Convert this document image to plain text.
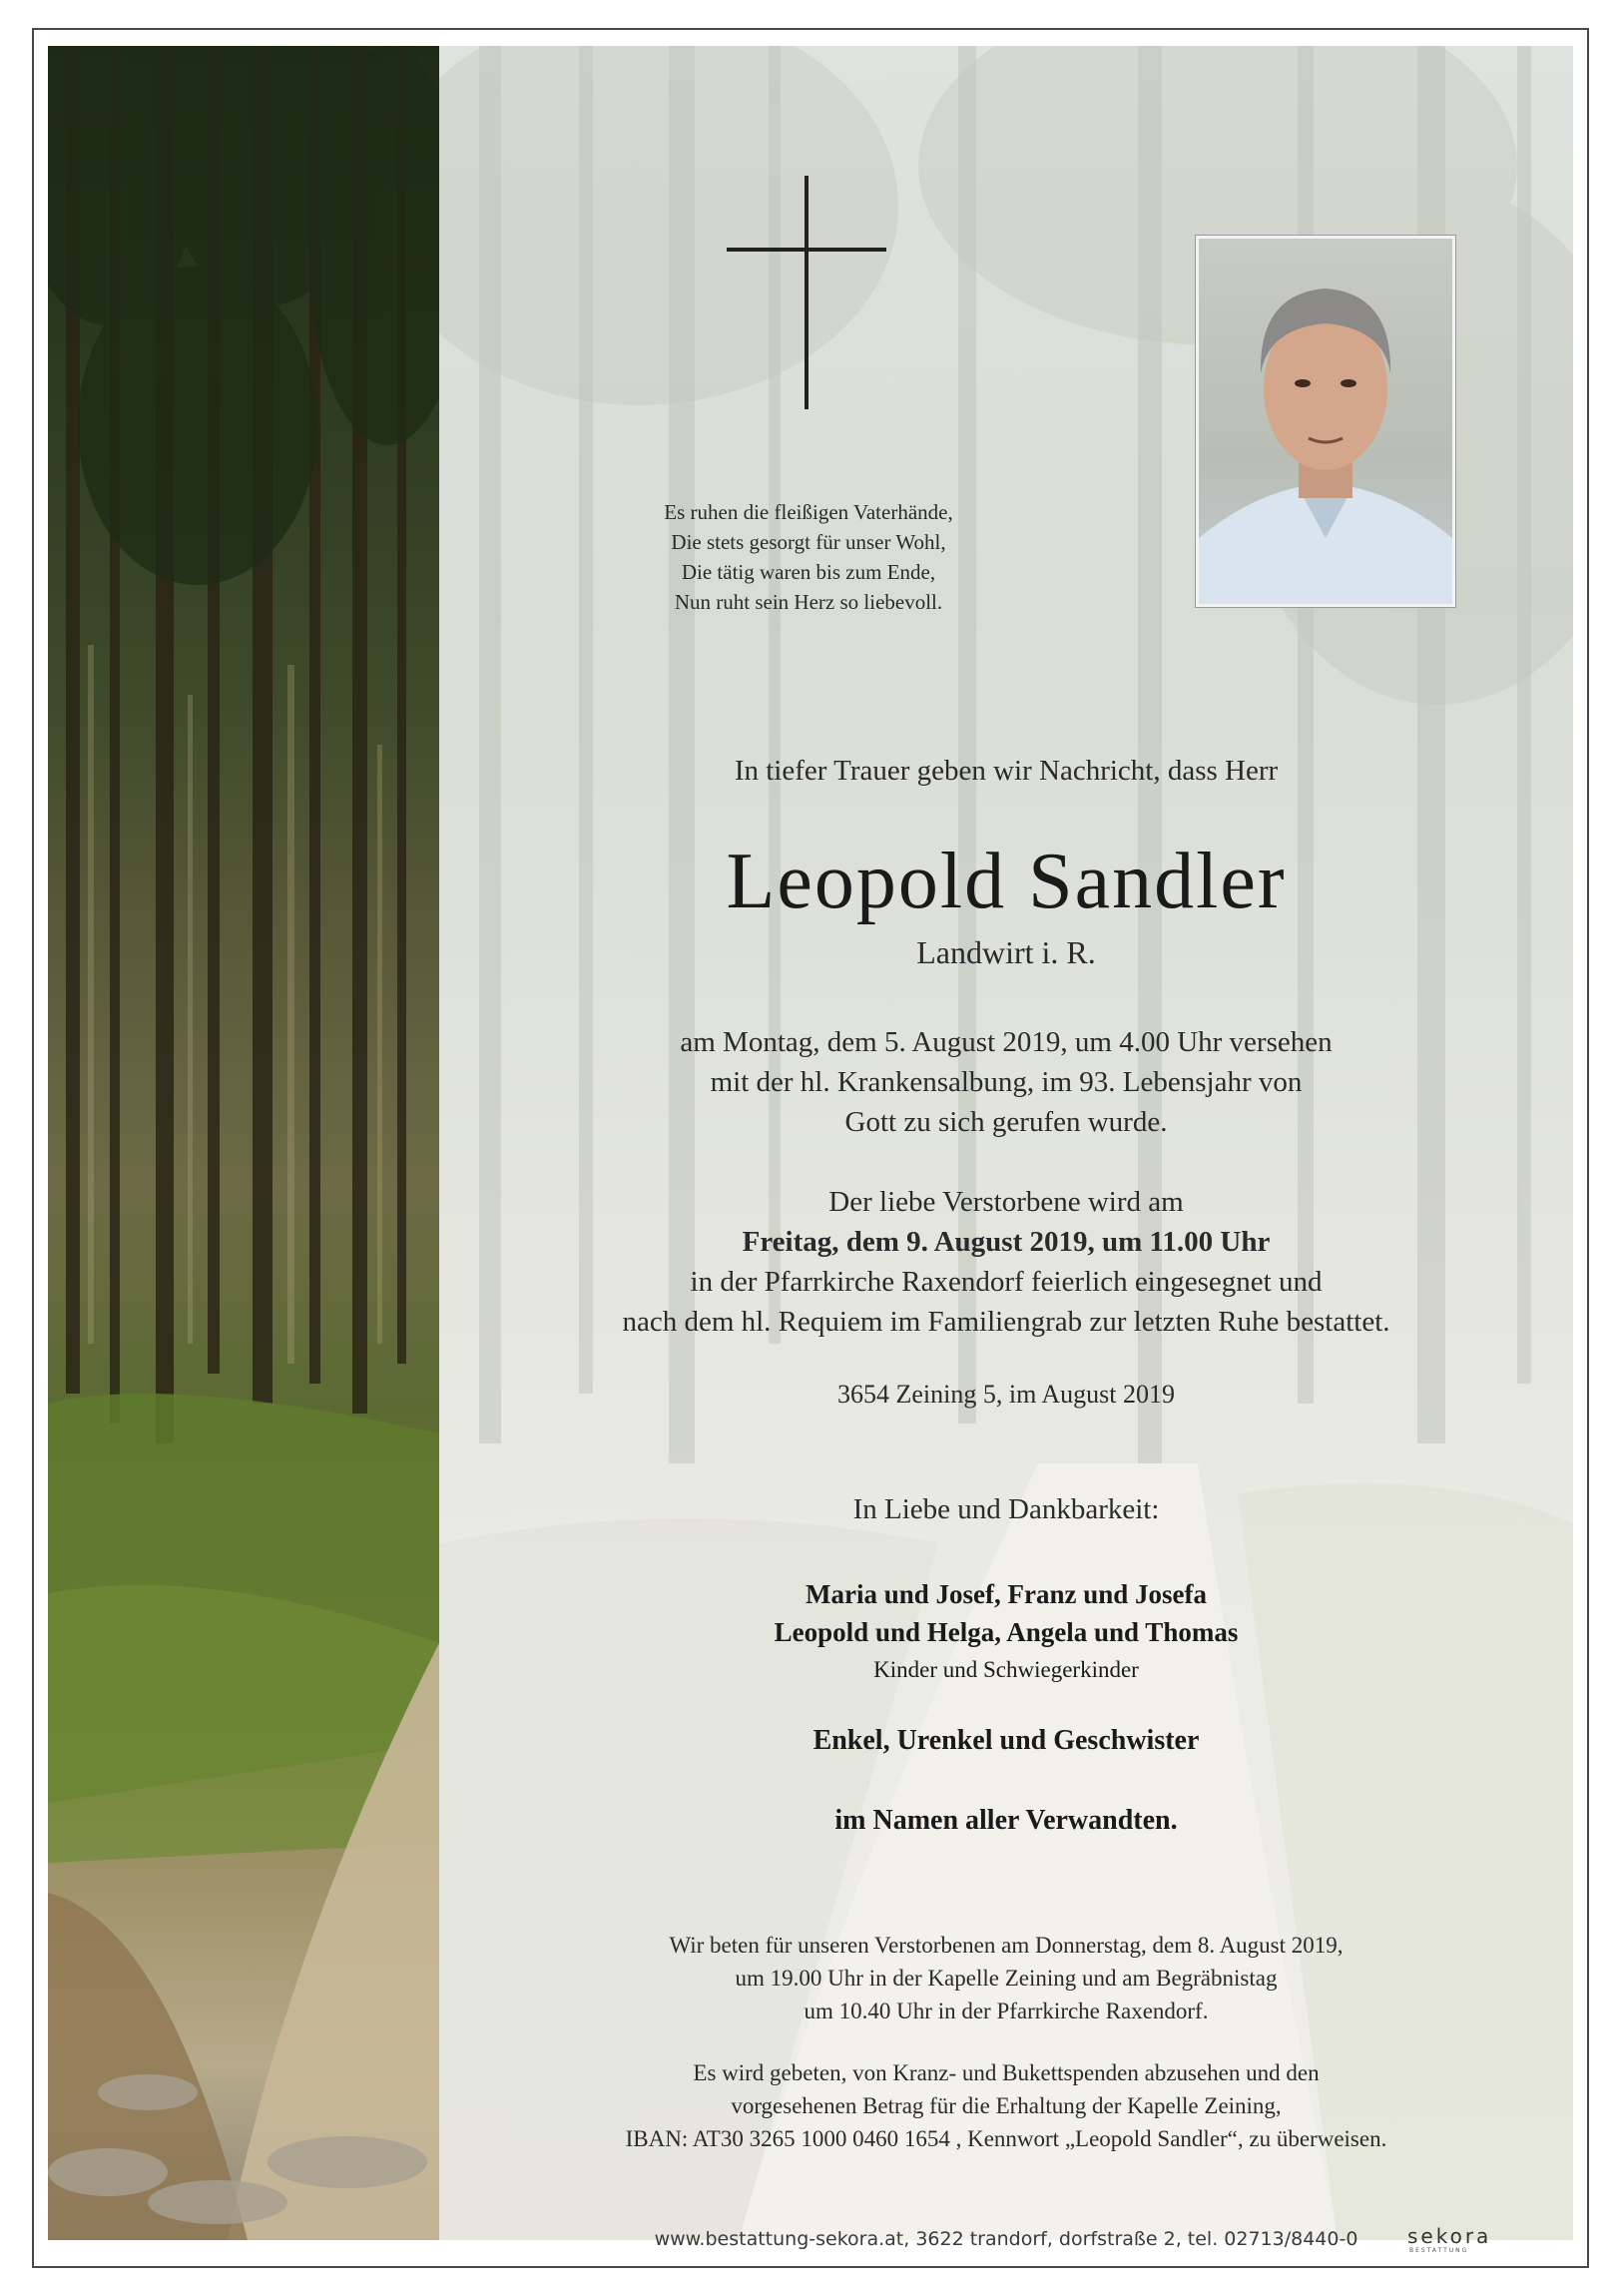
Es ruhen die fleißigen Vaterhände,
Die stets gesorgt für unser Wohl,
Die tätig waren bis zum Ende,
Nun ruht sein Herz so liebevoll.
In tiefer Trauer geben wir Nachricht, dass Herr
Leopold Sandler
Landwirt i. R.
am Montag, dem 5. August 2019, um 4.00 Uhr versehen
mit der hl. Krankensalbung, im 93. Lebensjahr von
Gott zu sich gerufen wurde.
Der liebe Verstorbene wird am
Freitag, dem 9. August 2019, um 11.00 Uhr
in der Pfarrkirche Raxendorf feierlich eingesegnet und
nach dem hl. Requiem im Familiengrab zur letzten Ruhe bestattet.
3654 Zeining 5, im August 2019
In Liebe und Dankbarkeit:
Maria und Josef, Franz und Josefa
Leopold und Helga, Angela und Thomas
Kinder und Schwiegerkinder
Enkel, Urenkel und Geschwister
im Namen aller Verwandten.
Wir beten für unseren Verstorbenen am Donnerstag, dem 8. August 2019,
um 19.00 Uhr in der Kapelle Zeining und am Begräbnistag
um 10.40 Uhr in der Pfarrkirche Raxendorf.
Es wird gebeten, von Kranz- und Bukettspenden abzusehen und den
vorgesehenen Betrag für die Erhaltung der Kapelle Zeining,
IBAN: AT30 3265 1000 0460 1654 , Kennwort „Leopold Sandler“, zu überweisen.
www.bestattung-sekora.at, 3622 trandorf, dorfstraße 2, tel. 02713/8440-0	sekora
BESTATTUNG
